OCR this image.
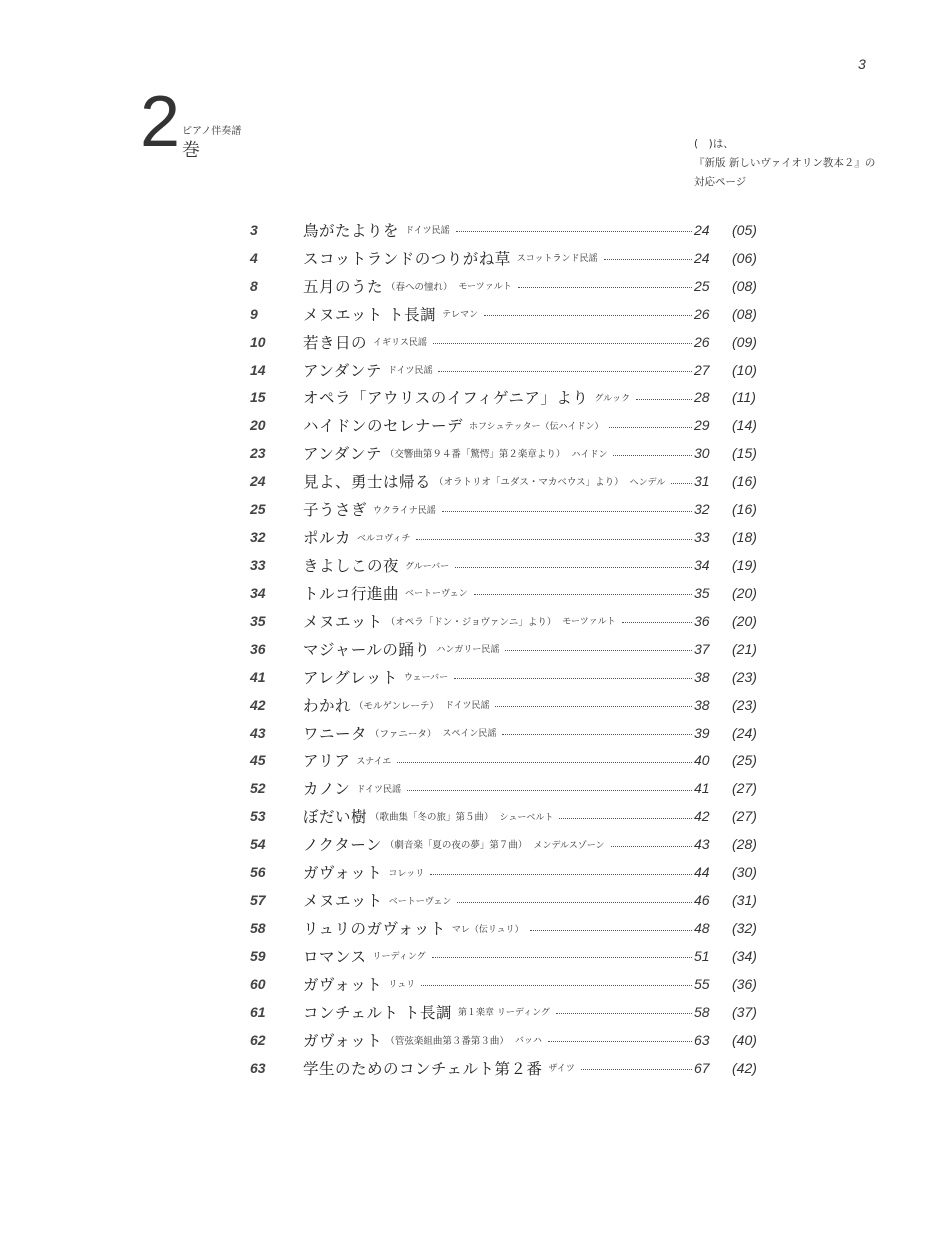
3
2 ピアノ伴奏譜
巻	(　)は、
『新版 新しいヴァイオリン教本２』の
対応ページ
3	鳥がたよりを ドイツ民謡	24	(05)
4	スコットランドのつりがね草 スコットランド民謡	24	(06)
8	五月のうた （春への憧れ） モーツァルト	25	(08)
9	メヌエット ト長調 テレマン	26	(08)
10	若き日の イギリス民謡	26	(09)
14	アンダンテ ドイツ民謡	27	(10)
15	オペラ「アウリスのイフィゲニア」より グルック	28	(11)
20	ハイドンのセレナーデ ホフシュテッター（伝ハイドン）	29	(14)
23	アンダンテ （交響曲第９４番「驚愕」第２楽章より） ハイドン	30	(15)
24	見よ、勇士は帰る （オラトリオ「ユダス・マカベウス」より） ヘンデル 31	(16)
25	子うさぎ ウクライナ民謡	32	(16)
32	ポルカ ベルコヴィチ	33	(18)
33	きよしこの夜 グルーバー	34	(19)
34	トルコ行進曲 ベートーヴェン	35	(20)
35	メヌエット （オペラ「ドン・ジョヴァンニ」より） モーツァルト	36	(20)
36	マジャールの踊り ハンガリー民謡	37	(21)
41	アレグレット ウェーバー	38	(23)
42	わかれ （モルゲンレーテ） ドイツ民謡	38	(23)
43	ワニータ （ファニータ） スペイン民謡	39	(24)
45	アリア スナイエ	40	(25)
52	カノン ドイツ民謡	41	(27)
53	ぼだい樹 （歌曲集「冬の旅」第５曲） シューベルト	42	(27)
54	ノクターン （劇音楽「夏の夜の夢」第７曲） メンデルスゾーン	43	(28)
56	ガヴォット コレッリ	44	(30)
57	メヌエット ベートーヴェン	46	(31)
58	リュリのガヴォット マレ（伝リュリ）	48	(32)
59	ロマンス リーディング	51	(34)
60	ガヴォット リュリ	55	(36)
61	コンチェルト ト長調 第１楽章 リーディング	58	(37)
62	ガヴォット （管弦楽組曲第３番第３曲） バッハ	63	(40)
63	学生のためのコンチェルト第２番 ザイツ	67	(42)
